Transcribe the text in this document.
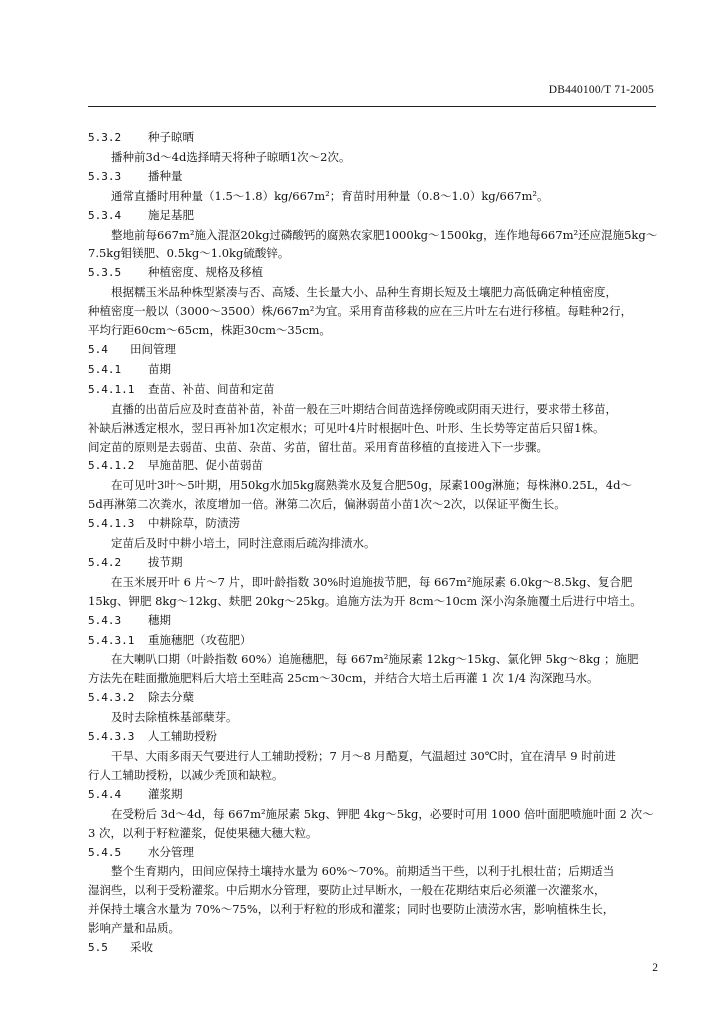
DB440100/T 71-2005
5.3.2 种子晾晒
播种前3d～4d选择晴天将种子晾晒1次～2次。
5.3.3 播种量
通常直播时用种量（1.5～1.8）kg/667m²；育苗时用种量（0.8～1.0）kg/667m²。
5.3.4 施足基肥
整地前每667m²施入混沤20kg过磷酸钙的腐熟农家肥1000kg～1500kg，连作地每667m²还应混施5kg～
7.5kg钼镁肥、0.5kg～1.0kg硫酸锌。
5.3.5 种植密度、规格及移植
根据糯玉米品种株型紧凑与否、高矮、生长量大小、品种生育期长短及土壤肥力高低确定种植密度，
种植密度一般以（3000～3500）株/667m²为宜。采用育苗移栽的应在三片叶左右进行移植。每畦种2行，
平均行距60cm～65cm，株距30cm～35cm。
5.4 田间管理
5.4.1 苗期
5.4.1.1 查苗、补苗、间苗和定苗
直播的出苗后应及时查苗补苗，补苗一般在三叶期结合间苗选择傍晚或阴雨天进行，要求带土移苗，
补缺后淋透定根水，翌日再补加1次定根水；可见叶4片时根据叶色、叶形、生长势等定苗后只留1株。
间定苗的原则是去弱苗、虫苗、杂苗、劣苗，留壮苗。采用育苗移植的直接进入下一步骤。
5.4.1.2 早施苗肥、促小苗弱苗
在可见叶3叶～5叶期，用50kg水加5kg腐熟粪水及复合肥50g，尿素100g淋施；每株淋0.25L，4d～
5d再淋第二次粪水，浓度增加一倍。淋第二次后，偏淋弱苗小苗1次～2次，以保证平衡生长。
5.4.1.3 中耕除草，防渍涝
定苗后及时中耕小培土，同时注意雨后疏沟排渍水。
5.4.2 拔节期
在玉米展开叶 6 片～7 片，即叶龄指数 30%时追施拔节肥，每 667m²施尿素 6.0kg～8.5kg、复合肥
15kg、钾肥 8kg～12kg、麸肥 20kg～25kg。追施方法为开 8cm～10cm 深小沟条施覆土后进行中培土。
5.4.3 穗期
5.4.3.1 重施穗肥（攻苞肥）
在大喇叭口期（叶龄指数 60%）追施穗肥，每 667m²施尿素 12kg～15kg、氯化钾 5kg～8kg ；施肥
方法先在畦面撒施肥料后大培土至畦高 25cm～30cm，并结合大培土后再灌 1 次 1/4 沟深跑马水。
5.4.3.2 除去分蘖
及时去除植株基部蘖芽。
5.4.3.3 人工辅助授粉
干旱、大雨多雨天气要进行人工辅助授粉；7 月～8 月酷夏，气温超过 30℃时，宜在清早 9 时前进
行人工辅助授粉，以减少秃顶和缺粒。
5.4.4 灌浆期
在受粉后 3d～4d，每 667m²施尿素 5kg、钾肥 4kg～5kg，必要时可用 1000 倍叶面肥喷施叶面 2 次～
3 次，以利于籽粒灌浆，促使果穗大穗大粒。
5.4.5 水分管理
整个生育期内，田间应保持土壤持水量为 60%～70%。前期适当干些，以利于扎根壮苗；后期适当
湿润些，以利于受粉灌浆。中后期水分管理，要防止过早断水，一般在花期结束后必须灌一次灌浆水，
并保持土壤含水量为 70%～75%，以利于籽粒的形成和灌浆；同时也要防止渍涝水害，影响植株生长，
影响产量和品质。
5.5 采收
2
